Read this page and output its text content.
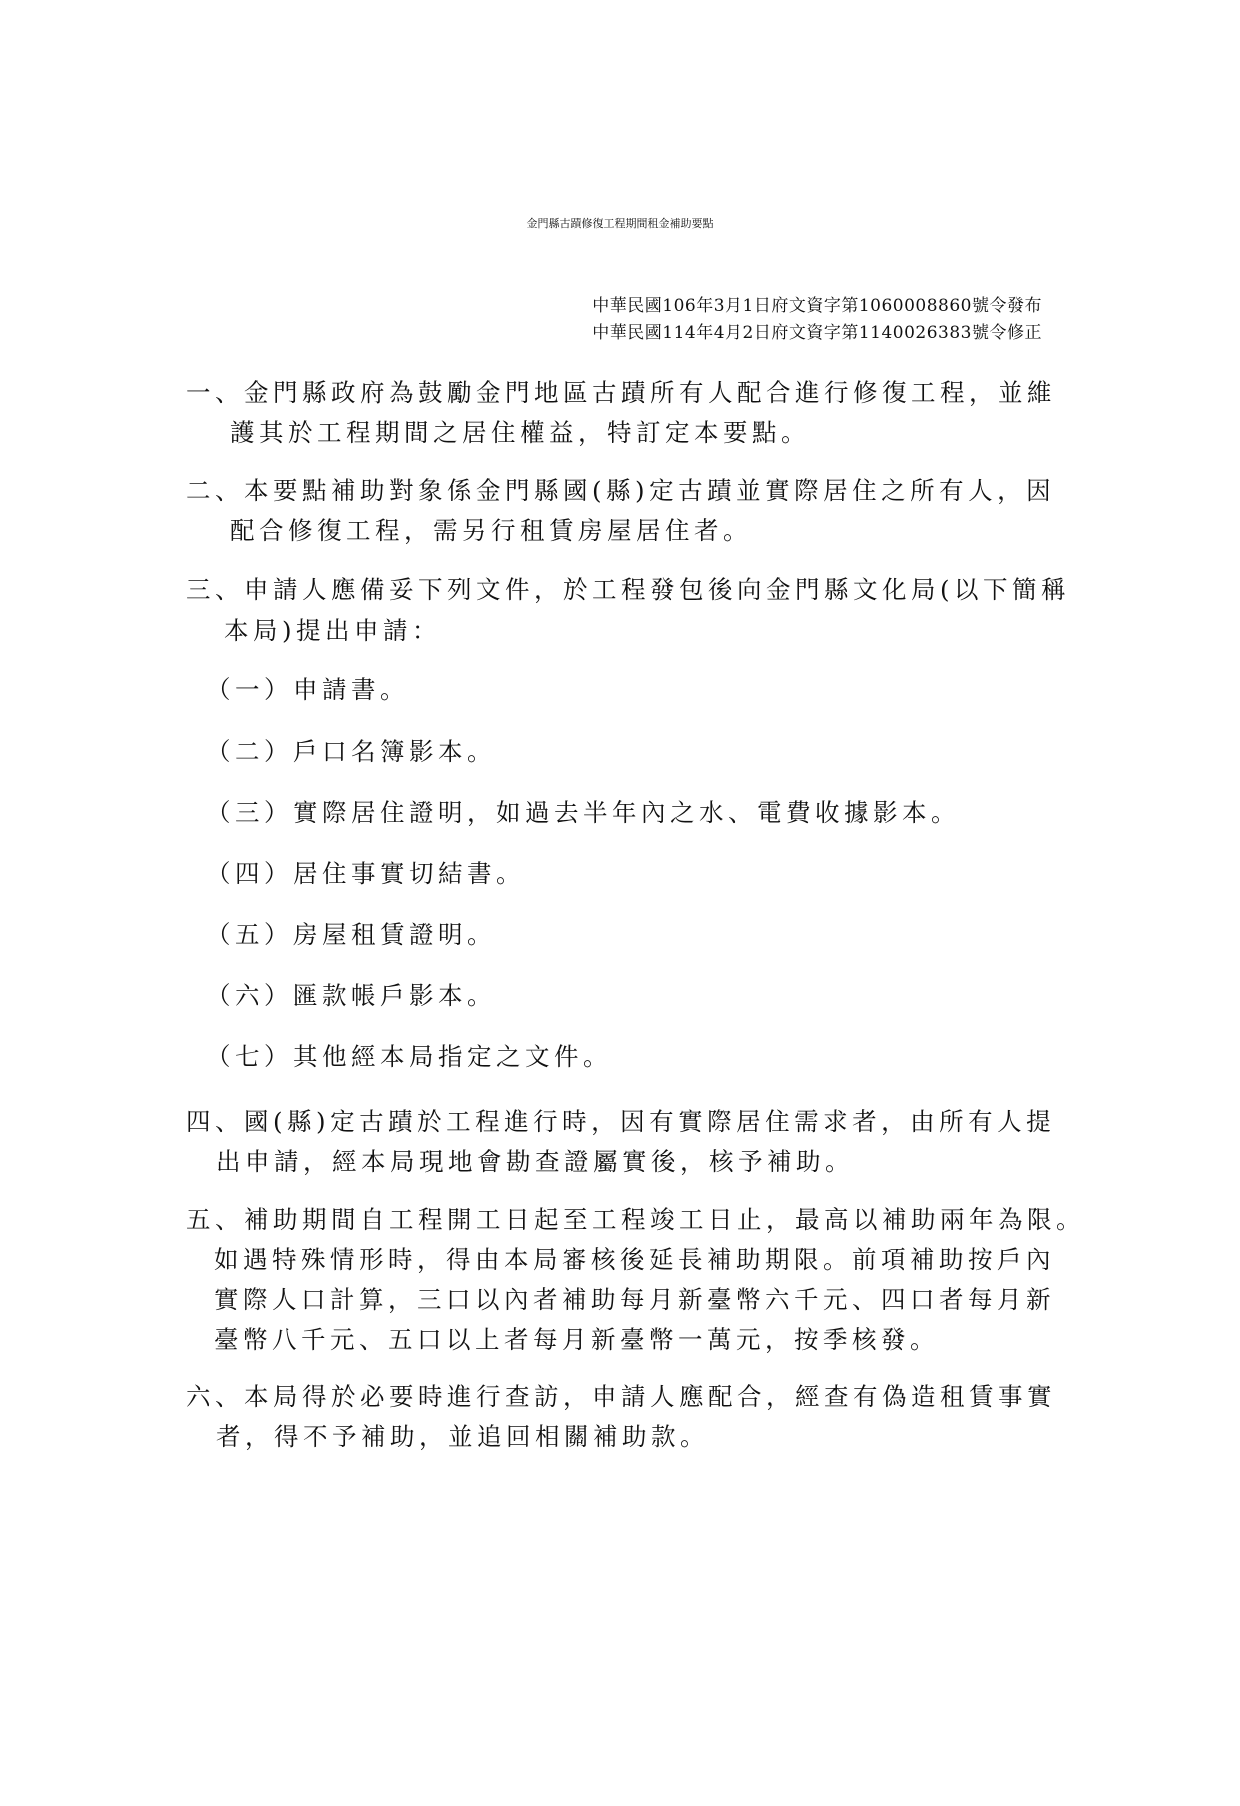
金門縣古蹟修復工程期間租金補助要點
中華民國106年3月1日府文資字第1060008860號令發布
中華民國114年4月2日府文資字第1140026383號令修正
一、金門縣政府為鼓勵金門地區古蹟所有人配合進行修復工程，並維
護其於工程期間之居住權益，特訂定本要點。
二、本要點補助對象係金門縣國(縣)定古蹟並實際居住之所有人，因
配合修復工程，需另行租賃房屋居住者。
三、申請人應備妥下列文件，於工程發包後向金門縣文化局(以下簡稱
本局)提出申請：
（一）申請書。
（二）戶口名簿影本。
（三）實際居住證明，如過去半年內之水、電費收據影本。
（四）居住事實切結書。
（五）房屋租賃證明。
（六）匯款帳戶影本。
（七）其他經本局指定之文件。
四、國(縣)定古蹟於工程進行時，因有實際居住需求者，由所有人提
出申請，經本局現地會勘查證屬實後，核予補助。
五、補助期間自工程開工日起至工程竣工日止，最高以補助兩年為限。
如遇特殊情形時，得由本局審核後延長補助期限。前項補助按戶內
實際人口計算，三口以內者補助每月新臺幣六千元、四口者每月新
臺幣八千元、五口以上者每月新臺幣一萬元，按季核發。
六、本局得於必要時進行查訪，申請人應配合，經查有偽造租賃事實
者，得不予補助，並追回相關補助款。
